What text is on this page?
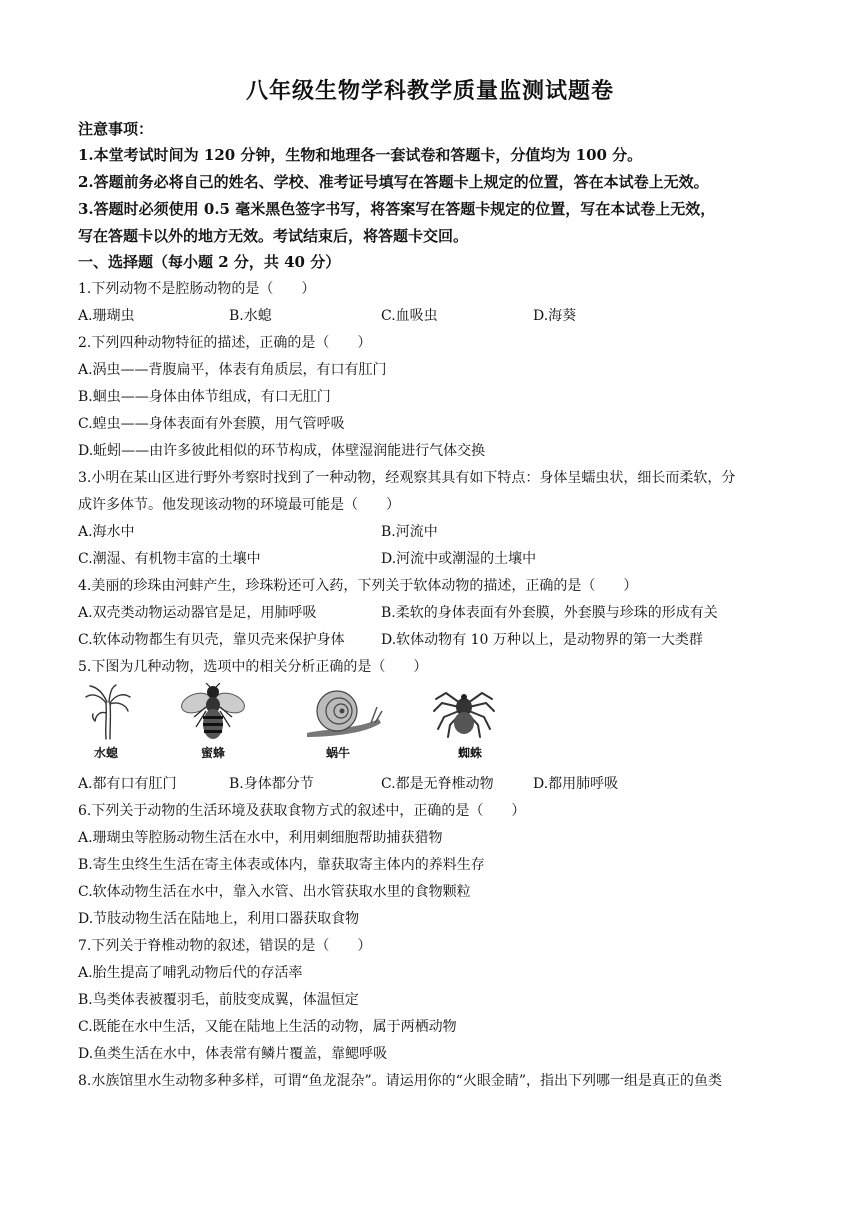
八年级生物学科教学质量监测试题卷
注意事项：
1.本堂考试时间为 120 分钟，生物和地理各一套试卷和答题卡，分值均为 100 分。
2.答题前务必将自己的姓名、学校、准考证号填写在答题卡上规定的位置，答在本试卷上无效。
3.答题时必须使用 0.5 毫米黑色签字书写，将答案写在答题卡规定的位置，写在本试卷上无效，
写在答题卡以外的地方无效。考试结束后，将答题卡交回。
一、选择题（每小题 2 分，共 40 分）
1.下列动物不是腔肠动物的是（　　）
A.珊瑚虫	B.水螅	C.血吸虫	D.海葵
2.下列四种动物特征的描述，正确的是（　　）
A.涡虫——背腹扁平，体表有角质层，有口有肛门
B.蛔虫——身体由体节组成，有口无肛门
C.蝗虫——身体表面有外套膜，用气管呼吸
D.蚯蚓——由许多彼此相似的环节构成，体壁湿润能进行气体交换
3.小明在某山区进行野外考察时找到了一种动物，经观察其具有如下特点：身体呈蠕虫状，细长而柔软，分
成许多体节。他发现该动物的环境最可能是（　　）
A.海水中	B.河流中
C.潮湿、有机物丰富的土壤中	D.河流中或潮湿的土壤中
4.美丽的珍珠由河蚌产生，珍珠粉还可入药，下列关于软体动物的描述，正确的是（　　）
A.双壳类动物运动器官是足，用肺呼吸	B.柔软的身体表面有外套膜，外套膜与珍珠的形成有关
C.软体动物都生有贝壳，靠贝壳来保护身体	D.软体动物有 10 万种以上，是动物界的第一大类群
5.下图为几种动物，选项中的相关分析正确的是（　　）
水螅	蜜蜂	蜗牛	蜘蛛
A.都有口有肛门	B.身体都分节	C.都是无脊椎动物	D.都用肺呼吸
6.下列关于动物的生活环境及获取食物方式的叙述中，正确的是（　　）
A.珊瑚虫等腔肠动物生活在水中，利用刺细胞帮助捕获猎物
B.寄生虫终生生活在寄主体表或体内，靠获取寄主体内的养料生存
C.软体动物生活在水中，靠入水管、出水管获取水里的食物颗粒
D.节肢动物生活在陆地上，利用口器获取食物
7.下列关于脊椎动物的叙述，错误的是（　　）
A.胎生提高了哺乳动物后代的存活率
B.鸟类体表被覆羽毛，前肢变成翼，体温恒定
C.既能在水中生活，又能在陆地上生活的动物，属于两栖动物
D.鱼类生活在水中，体表常有鳞片覆盖，靠鳃呼吸
8.水族馆里水生动物多种多样，可谓“鱼龙混杂”。请运用你的“火眼金睛”，指出下列哪一组是真正的鱼类
